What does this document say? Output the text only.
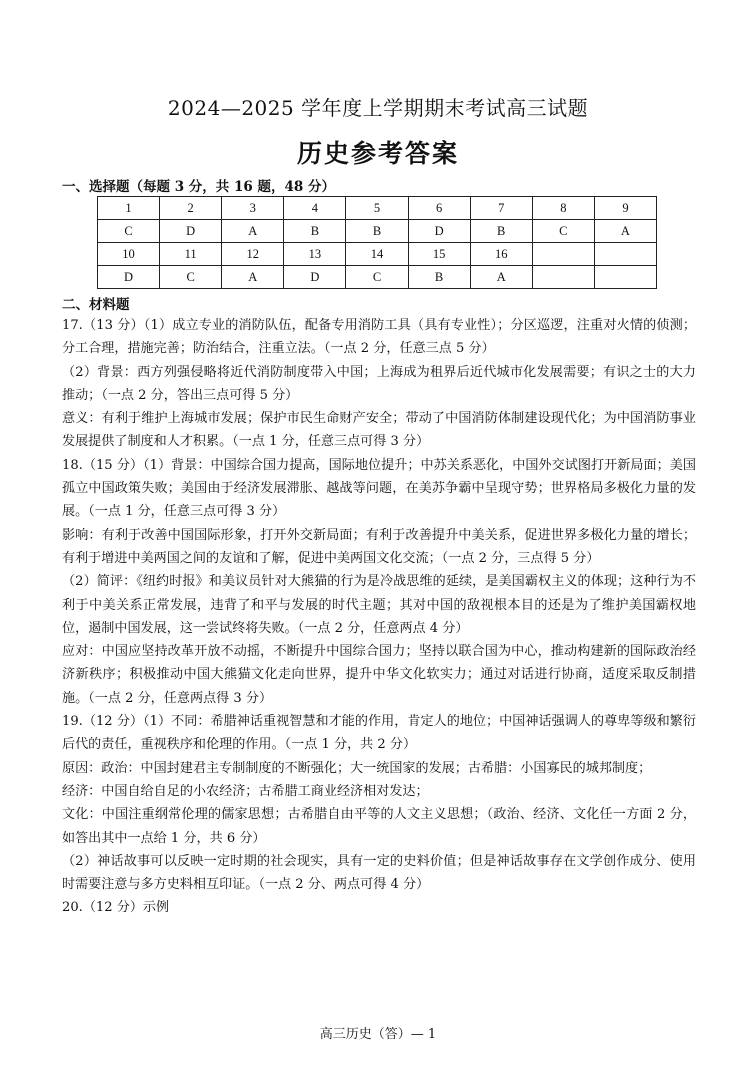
2024—2025 学年度上学期期末考试高三试题
历史参考答案
一、选择题（每题 3 分，共 16 题，48 分）
1	2	3	4	5	6	7	8	9
C	D	A	B	B	D	B	C	A
10	11	12	13	14	15	16		
D	C	A	D	C	B	A		
二、材料题

17.（13 分）（1）成立专业的消防队伍，配备专用消防工具（具有专业性）；分区巡逻，注重对火情的侦测；分工合理，措施完善；防治结合，注重立法。（一点 2 分，任意三点 5 分）

（2）背景：西方列强侵略将近代消防制度带入中国；上海成为租界后近代城市化发展需要；有识之士的大力推动；（一点 2 分，答出三点可得 5 分）

意义：有利于维护上海城市发展；保护市民生命财产安全；带动了中国消防体制建设现代化；为中国消防事业发展提供了制度和人才积累。（一点 1 分，任意三点可得 3 分）

18.（15 分）（1）背景：中国综合国力提高，国际地位提升；中苏关系恶化，中国外交试图打开新局面；美国孤立中国政策失败；美国由于经济发展滞胀、越战等问题，在美苏争霸中呈现守势；世界格局多极化力量的发展。（一点 1 分，任意三点可得 3 分）

影响：有利于改善中国国际形象，打开外交新局面；有利于改善提升中美关系，促进世界多极化力量的增长；有利于增进中美两国之间的友谊和了解，促进中美两国文化交流；（一点 2 分，三点得 5 分）

（2）简评：《纽约时报》和美议员针对大熊猫的行为是冷战思维的延续，是美国霸权主义的体现；这种行为不利于中美关系正常发展，违背了和平与发展的时代主题；其对中国的敌视根本目的还是为了维护美国霸权地位，遏制中国发展，这一尝试终将失败。（一点 2 分，任意两点 4 分）

应对：中国应坚持改革开放不动摇，不断提升中国综合国力；坚持以联合国为中心，推动构建新的国际政治经济新秩序；积极推动中国大熊猫文化走向世界，提升中华文化软实力；通过对话进行协商，适度采取反制措施。（一点 2 分，任意两点得 3 分）

19.（12 分）（1）不同：希腊神话重视智慧和才能的作用，肯定人的地位；中国神话强调人的尊卑等级和繁衍后代的责任，重视秩序和伦理的作用。（一点 1 分，共 2 分）

原因：政治：中国封建君主专制制度的不断强化；大一统国家的发展；古希腊：小国寡民的城邦制度；

经济：中国自给自足的小农经济；古希腊工商业经济相对发达；

文化：中国注重纲常伦理的儒家思想；古希腊自由平等的人文主义思想；（政治、经济、文化任一方面 2 分，如答出其中一点给 1 分，共 6 分）

（2）神话故事可以反映一定时期的社会现实，具有一定的史料价值；但是神话故事存在文学创作成分、使用时需要注意与多方史料相互印证。（一点 2 分、两点可得 4 分）

20.（12 分）示例

高三历史（答）— 1
